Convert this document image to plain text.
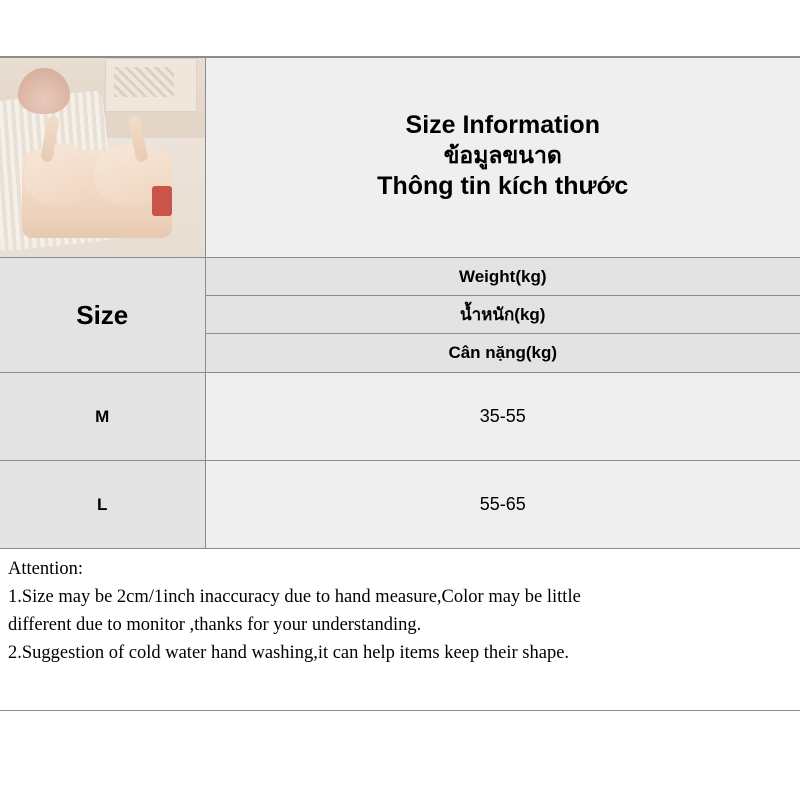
Size Information
ข้อมูลขนาด
Thông tin kích thước

Size	
Weight(kg)
น้ำหนัก(kg)
Cân nặng(kg)

M	35-55
L	55-65
Attention:
1.Size may be 2cm/1inch inaccuracy due to hand measure,Color may be little
different due to monitor ,thanks for your understanding.
2.Suggestion of cold water hand washing,it can help items keep their shape.
